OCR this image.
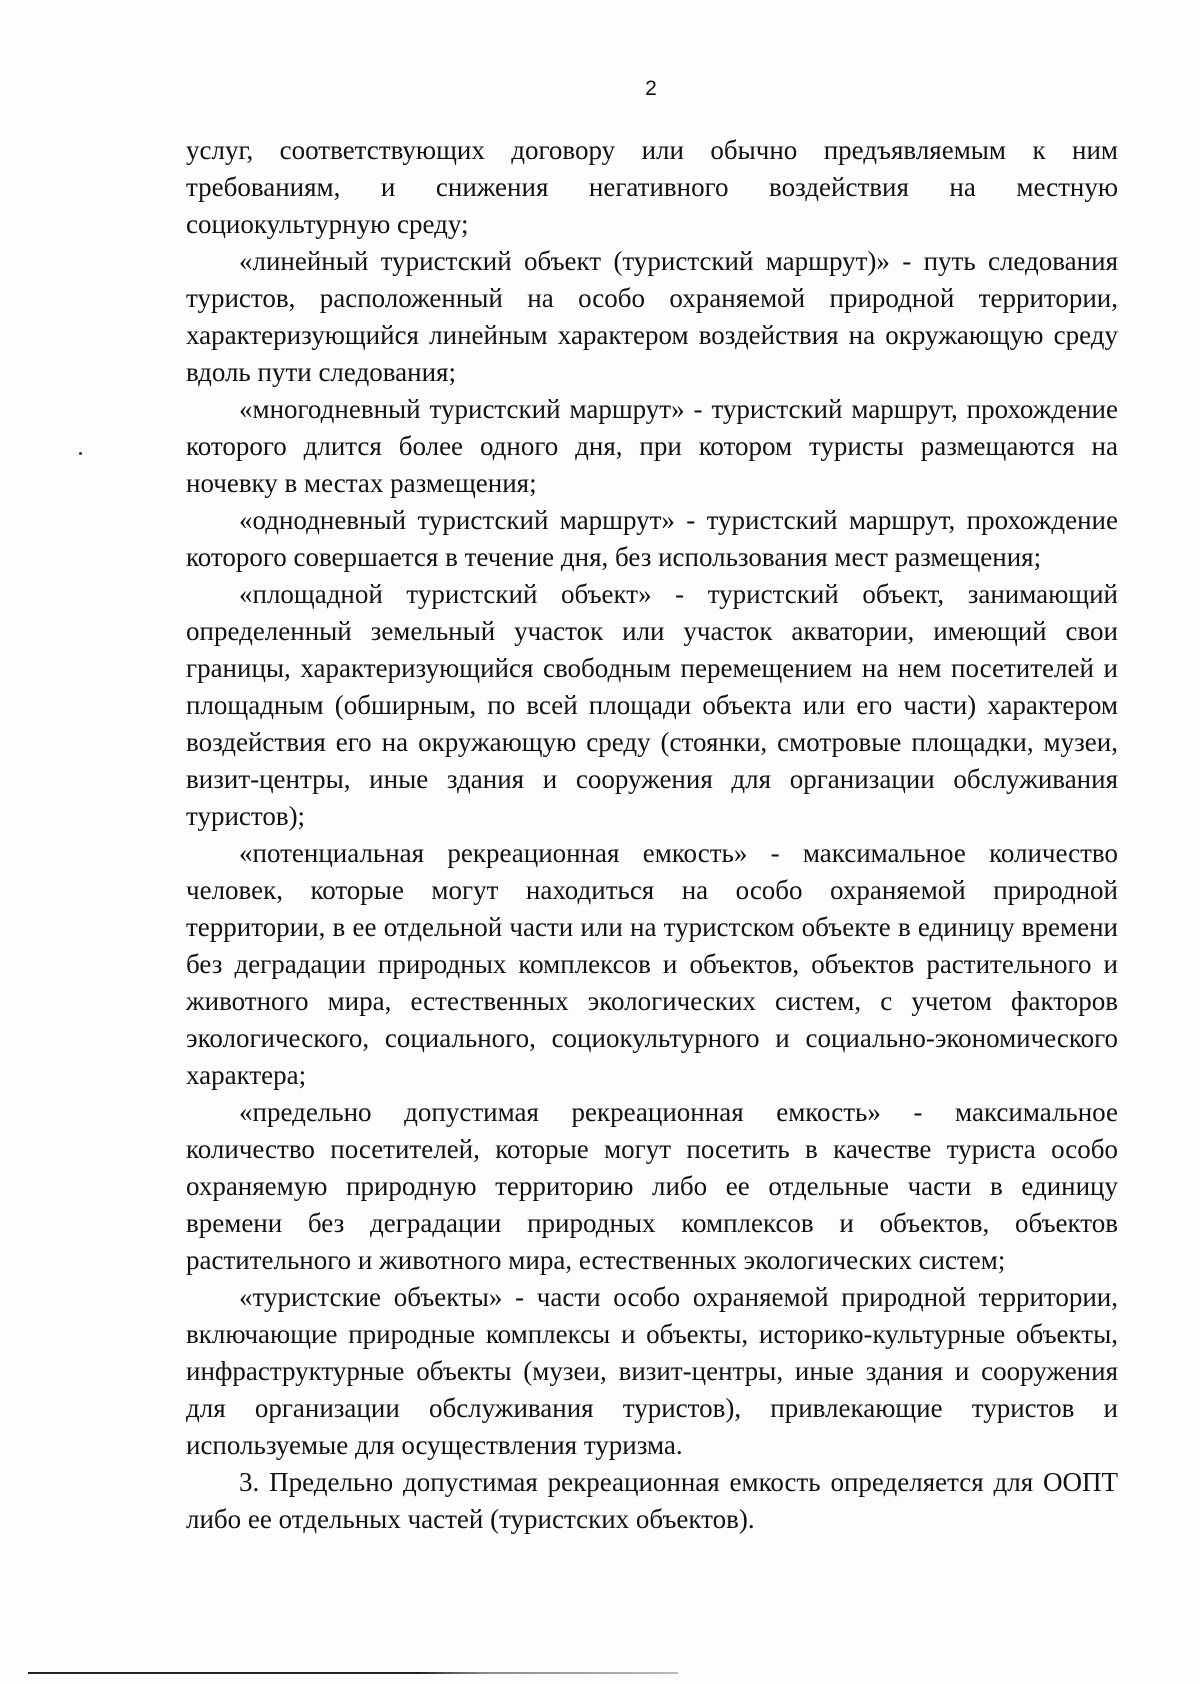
2

услуг, соответствующих договору или обычно предъявляемым к ним требованиям, и снижения негативного воздействия на местную социокультурную среду;

«линейный туристский объект (туристский маршрут)» - путь следования туристов, расположенный на особо охраняемой природной территории, характеризующийся линейным характером воздействия на окружающую среду вдоль пути следования;

«многодневный туристский маршрут» - туристский маршрут, прохождение которого длится более одного дня, при котором туристы размещаются на ночевку в местах размещения;

«однодневный туристский маршрут» - туристский маршрут, прохождение которого совершается в течение дня, без использования мест размещения;

«площадной туристский объект» - туристский объект, занимающий определенный земельный участок или участок акватории, имеющий свои границы, характеризующийся свободным перемещением на нем посетителей и площадным (обширным, по всей площади объекта или его части) характером воздействия его на окружающую среду (стоянки, смотровые площадки, музеи, визит-центры, иные здания и сооружения для организации обслуживания туристов);

«потенциальная рекреационная емкость» - максимальное количество человек, которые могут находиться на особо охраняемой природной территории, в ее отдельной части или на туристском объекте в единицу времени без деградации природных комплексов и объектов, объектов растительного и животного мира, естественных экологических систем, с учетом факторов экологического, социального, социокультурного и социально-экономического характера;

«предельно допустимая рекреационная емкость» - максимальное количество посетителей, которые могут посетить в качестве туриста особо охраняемую природную территорию либо ее отдельные части в единицу времени без деградации природных комплексов и объектов, объектов растительного и животного мира, естественных экологических систем;

«туристские объекты» - части особо охраняемой природной территории, включающие природные комплексы и объекты, историко-культурные объекты, инфраструктурные объекты (музеи, визит-центры, иные здания и сооружения для организации обслуживания туристов), привлекающие туристов и используемые для осуществления туризма.

3. Предельно допустимая рекреационная емкость определяется для ООПТ либо ее отдельных частей (туристских объектов).
